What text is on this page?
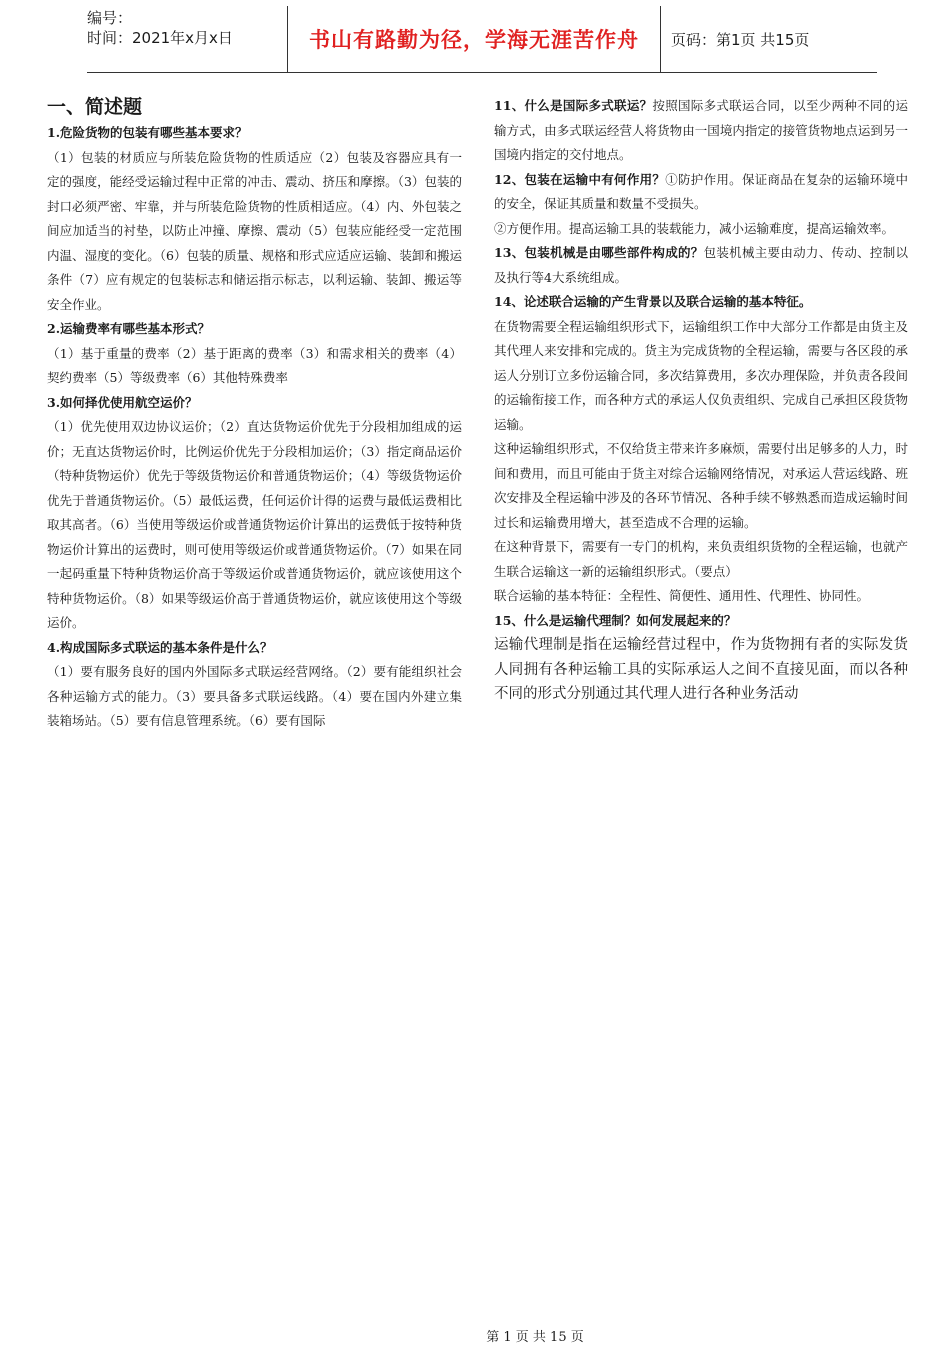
编号：
时间：2021年x月x日	书山有路勤为径，学海无涯苦作舟 页码：第1页 共15页
一、简述题
1.危险货物的包装有哪些基本要求？
（1）包装的材质应与所装危险货物的性质适应（2）包装及容器应具有一定的强度，能经受运输过程中正常的冲击、震动、挤压和摩擦。（3）包装的封口必须严密、牢靠，并与所装危险货物的性质相适应。（4）内、外包装之间应加适当的衬垫，以防止冲撞、摩擦、震动（5）包装应能经受一定范围内温、湿度的变化。（6）包装的质量、规格和形式应适应运输、装卸和搬运条件（7）应有规定的包装标志和储运指示标志，以利运输、装卸、搬运等安全作业。
2.运输费率有哪些基本形式？
（1）基于重量的费率（2）基于距离的费率（3）和需求相关的费率（4）契约费率（5）等级费率（6）其他特殊费率
3.如何择优使用航空运价？
（1）优先使用双边协议运价；（2）直达货物运价优先于分段相加组成的运价；无直达货物运价时，比例运价优先于分段相加运价；（3）指定商品运价（特种货物运价）优先于等级货物运价和普通货物运价；（4）等级货物运价优先于普通货物运价。（5）最低运费，任何运价计得的运费与最低运费相比取其高者。（6）当使用等级运价或普通货物运价计算出的运费低于按特种货物运价计算出的运费时，则可使用等级运价或普通货物运价。（7）如果在同一起码重量下特种货物运价高于等级运价或普通货物运价，就应该使用这个特种货物运价。（8）如果等级运价高于普通货物运价，就应该使用这个等级运价。
4.构成国际多式联运的基本条件是什么？
（1）要有服务良好的国内外国际多式联运经营网络。（2）要有能组织社会各种运输方式的能力。（3）要具备多式联运线路。（4）要在国内外建立集装箱场站。（5）要有信息管理系统。（6）要有国际
11、什么是国际多式联运？按照国际多式联运合同，以至少两种不同的运输方式，由多式联运经营人将货物由一国境内指定的接管货物地点运到另一国境内指定的交付地点。
12、包装在运输中有何作用？①防护作用。保证商品在复杂的运输环境中的安全，保证其质量和数量不受损失。
②方便作用。提高运输工具的装载能力，减小运输难度，提高运输效率。
13、包装机械是由哪些部件构成的？包装机械主要由动力、传动、控制以及执行等4大系统组成。
14、论述联合运输的产生背景以及联合运输的基本特征。
在货物需要全程运输组织形式下，运输组织工作中大部分工作都是由货主及其代理人来安排和完成的。货主为完成货物的全程运输，需要与各区段的承运人分别订立多份运输合同，多次结算费用，多次办理保险，并负责各段间的运输衔接工作，而各种方式的承运人仅负责组织、完成自己承担区段货物运输。
这种运输组织形式，不仅给货主带来许多麻烦，需要付出足够多的人力，时间和费用，而且可能由于货主对综合运输网络情况，对承运人营运线路、班次安排及全程运输中涉及的各环节情况、各种手续不够熟悉而造成运输时间过长和运输费用增大，甚至造成不合理的运输。
在这种背景下，需要有一专门的机构，来负责组织货物的全程运输，也就产生联合运输这一新的运输组织形式。（要点）
联合运输的基本特征：全程性、简便性、通用性、代理性、协同性。
15、什么是运输代理制？如何发展起来的？
运输代理制是指在运输经营过程中，作为货物拥有者的实际发货人同拥有各种运输工具的实际承运人之间不直接见面，而以各种不同的形式分别通过其代理人进行各种业务活动
第 1 页 共 15 页
